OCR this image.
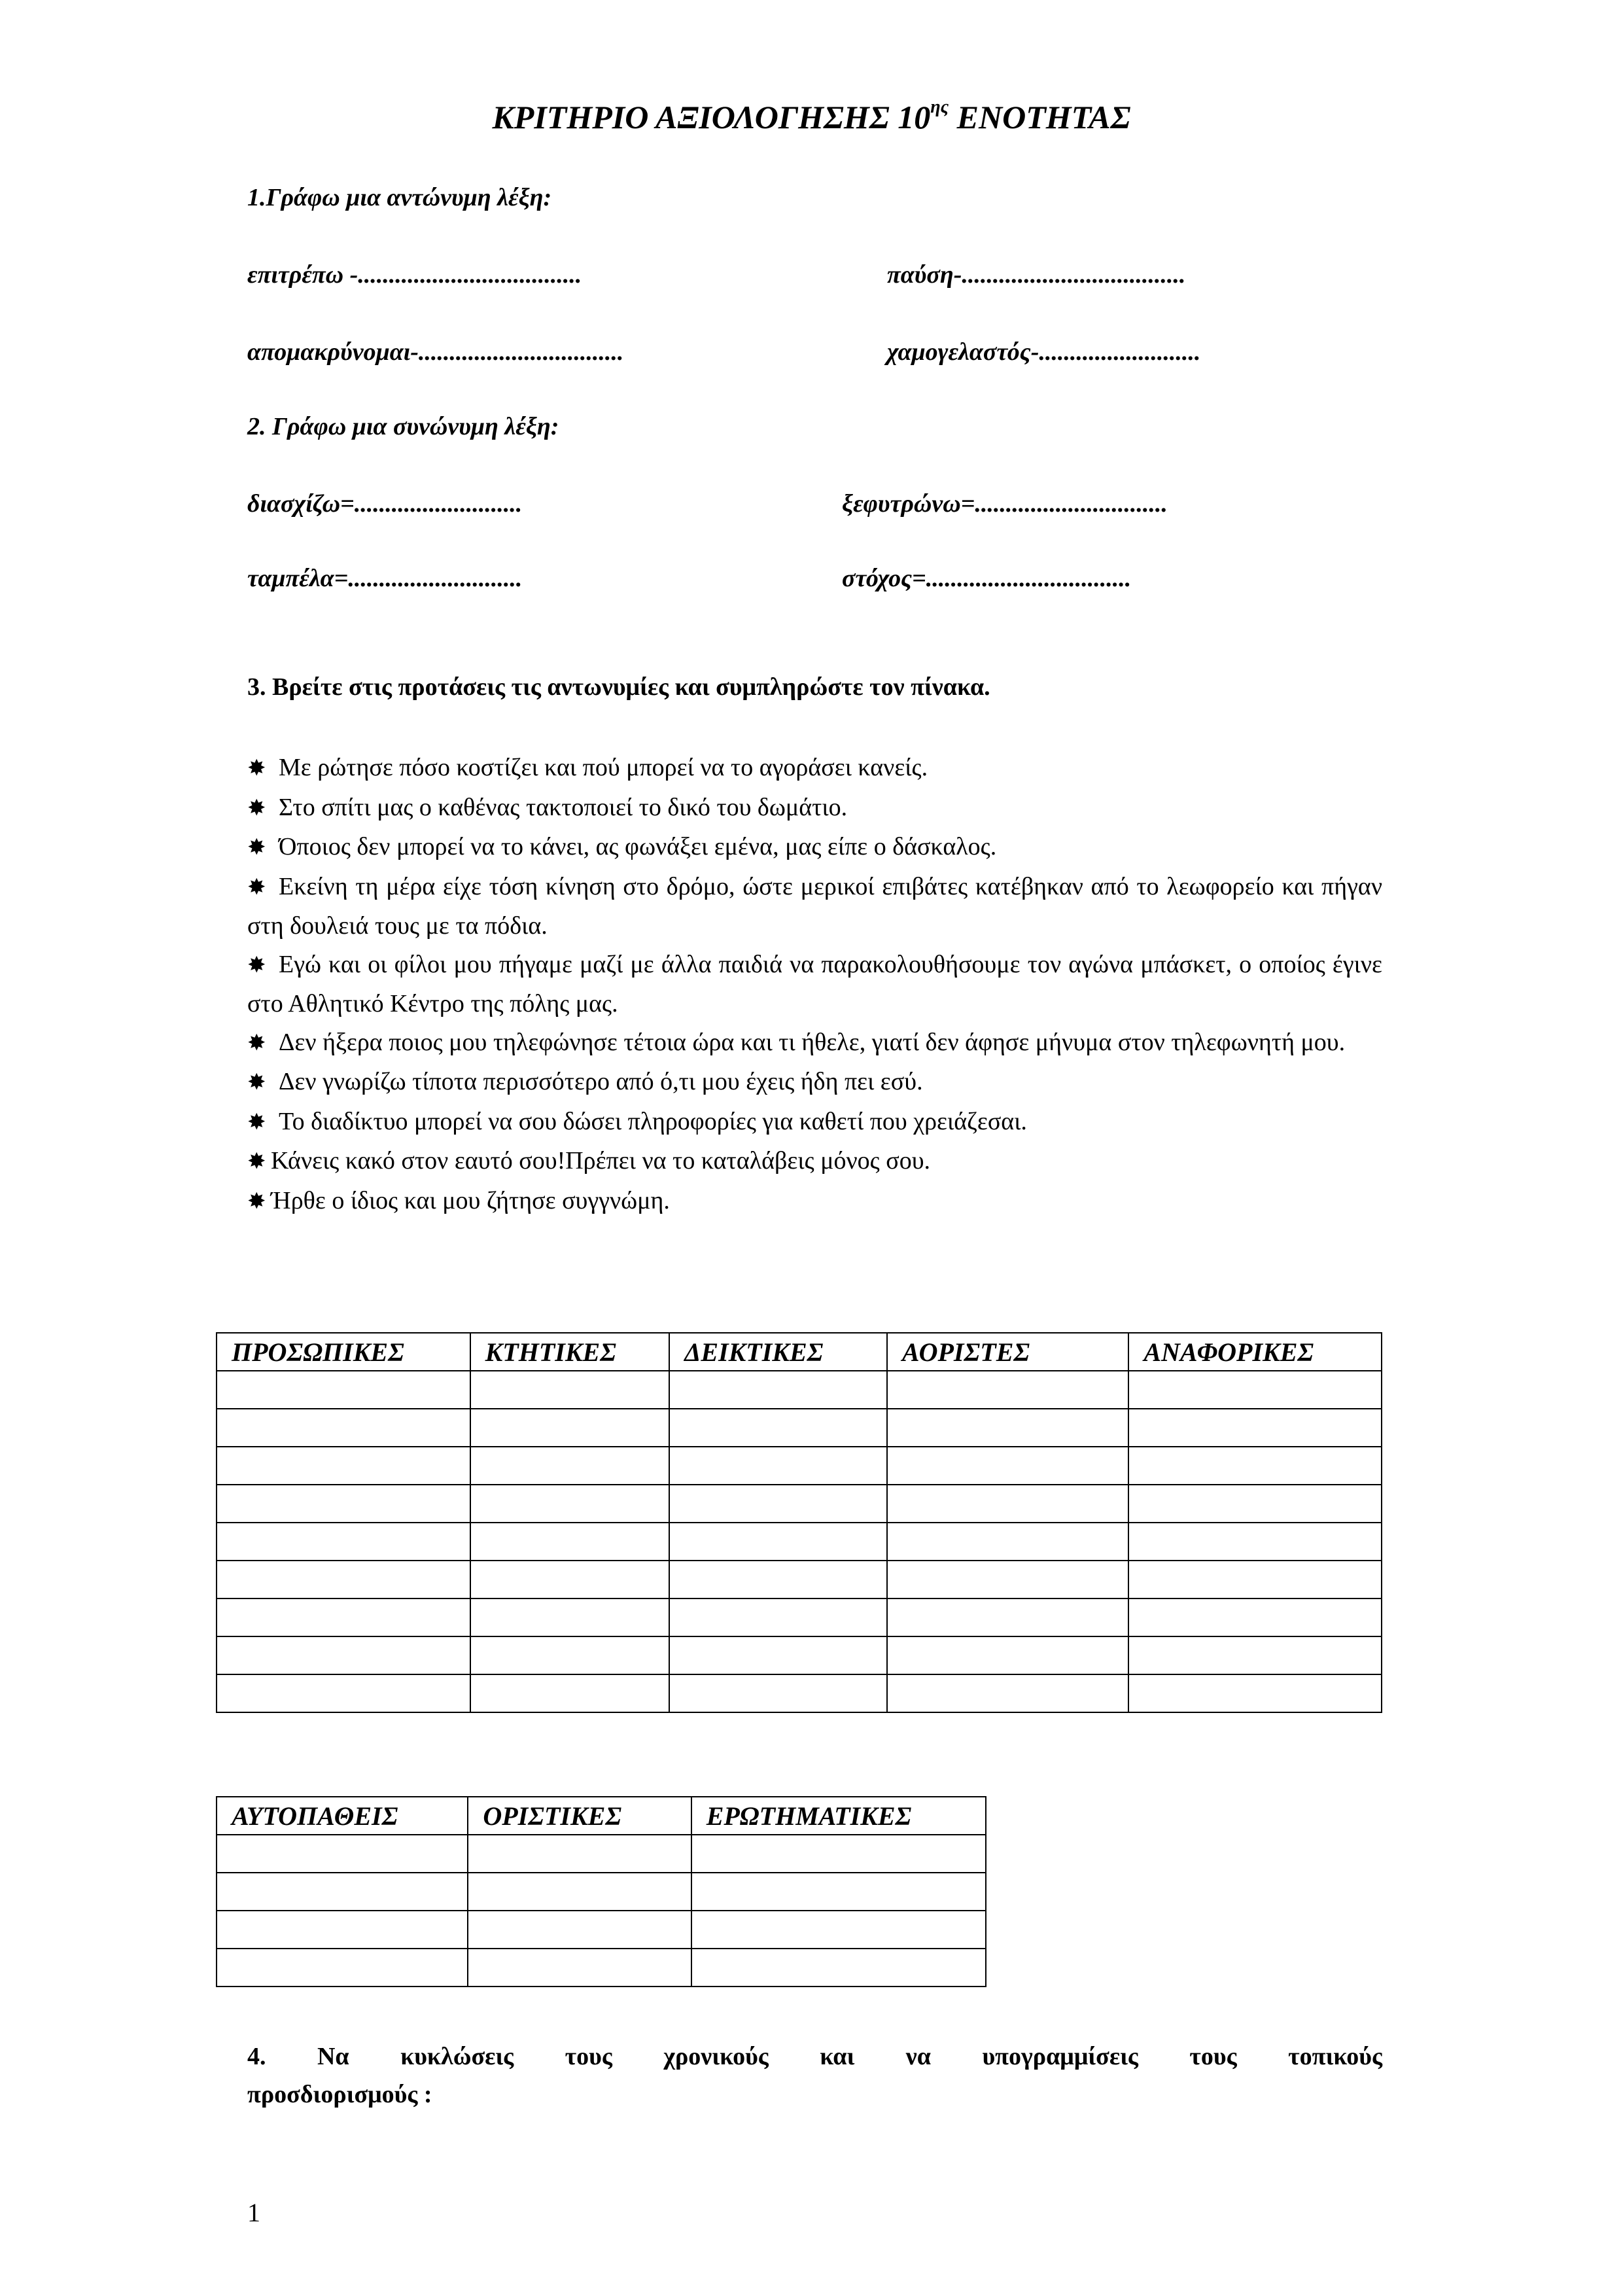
ΚΡΙΤΗΡΙΟ ΑΞΙΟΛΟΓΗΣΗΣ $10^{\eta\varsigma}$ ΕΝΟΤΗΤΑΣ
1.Γράφω μια αντώνυμη λέξη:
επιτρέπω -....................................	παύση-....................................
απομακρύνομαι-.................................	χαμογελαστός-..........................
2. Γράφω μια συνώνυμη λέξη:
διασχίζω=...........................	ξεφυτρώνω=...............................
ταμπέλα=............................	στόχος=.................................
3. Βρείτε στις προτάσεις τις αντωνυμίες και συμπληρώστε τον πίνακα.
✸ Με ρώτησε πόσο κοστίζει και πού μπορεί να το αγοράσει κανείς.
✸ Στο σπίτι μας ο καθένας τακτοποιεί το δικό του δωμάτιο.
✸ Όποιος δεν μπορεί να το κάνει, ας φωνάξει εμένα, μας είπε ο δάσκαλος.
✸ Εκείνη τη μέρα είχε τόση κίνηση στο δρόμο, ώστε μερικοί επιβάτες κατέβηκαν από το λεωφορείο και πήγαν στη δουλειά τους με τα πόδια.
✸ Εγώ και οι φίλοι μου πήγαμε μαζί με άλλα παιδιά να παρακολουθήσουμε τον αγώνα μπάσκετ, ο οποίος έγινε στο Αθλητικό Κέντρο της πόλης μας.
✸ Δεν ήξερα ποιος μου τηλεφώνησε τέτοια ώρα και τι ήθελε, γιατί δεν άφησε μήνυμα στον τηλεφωνητή μου.
✸ Δεν γνωρίζω τίποτα περισσότερο από ό,τι μου έχεις ήδη πει εσύ.
✸ Το διαδίκτυο μπορεί να σου δώσει πληροφορίες για καθετί που χρειάζεσαι.
✸ Κάνεις κακό στον εαυτό σου!Πρέπει να το καταλάβεις μόνος σου.
✸ Ήρθε ο ίδιος και μου ζήτησε συγγνώμη.
ΠΡΟΣΩΠΙΚΕΣ	ΚΤΗΤΙΚΕΣ	ΔΕΙΚΤΙΚΕΣ	ΑΟΡΙΣΤΕΣ	ΑΝΑΦΟΡΙΚΕΣ

ΑΥΤΟΠΑΘΕΙΣ	ΟΡΙΣΤΙΚΕΣ	ΕΡΩΤΗΜΑΤΙΚΕΣ

4. Να κυκλώσεις τους χρονικούς και να υπογραμμίσεις τους τοπικούς
προσδιορισμούς :
1
